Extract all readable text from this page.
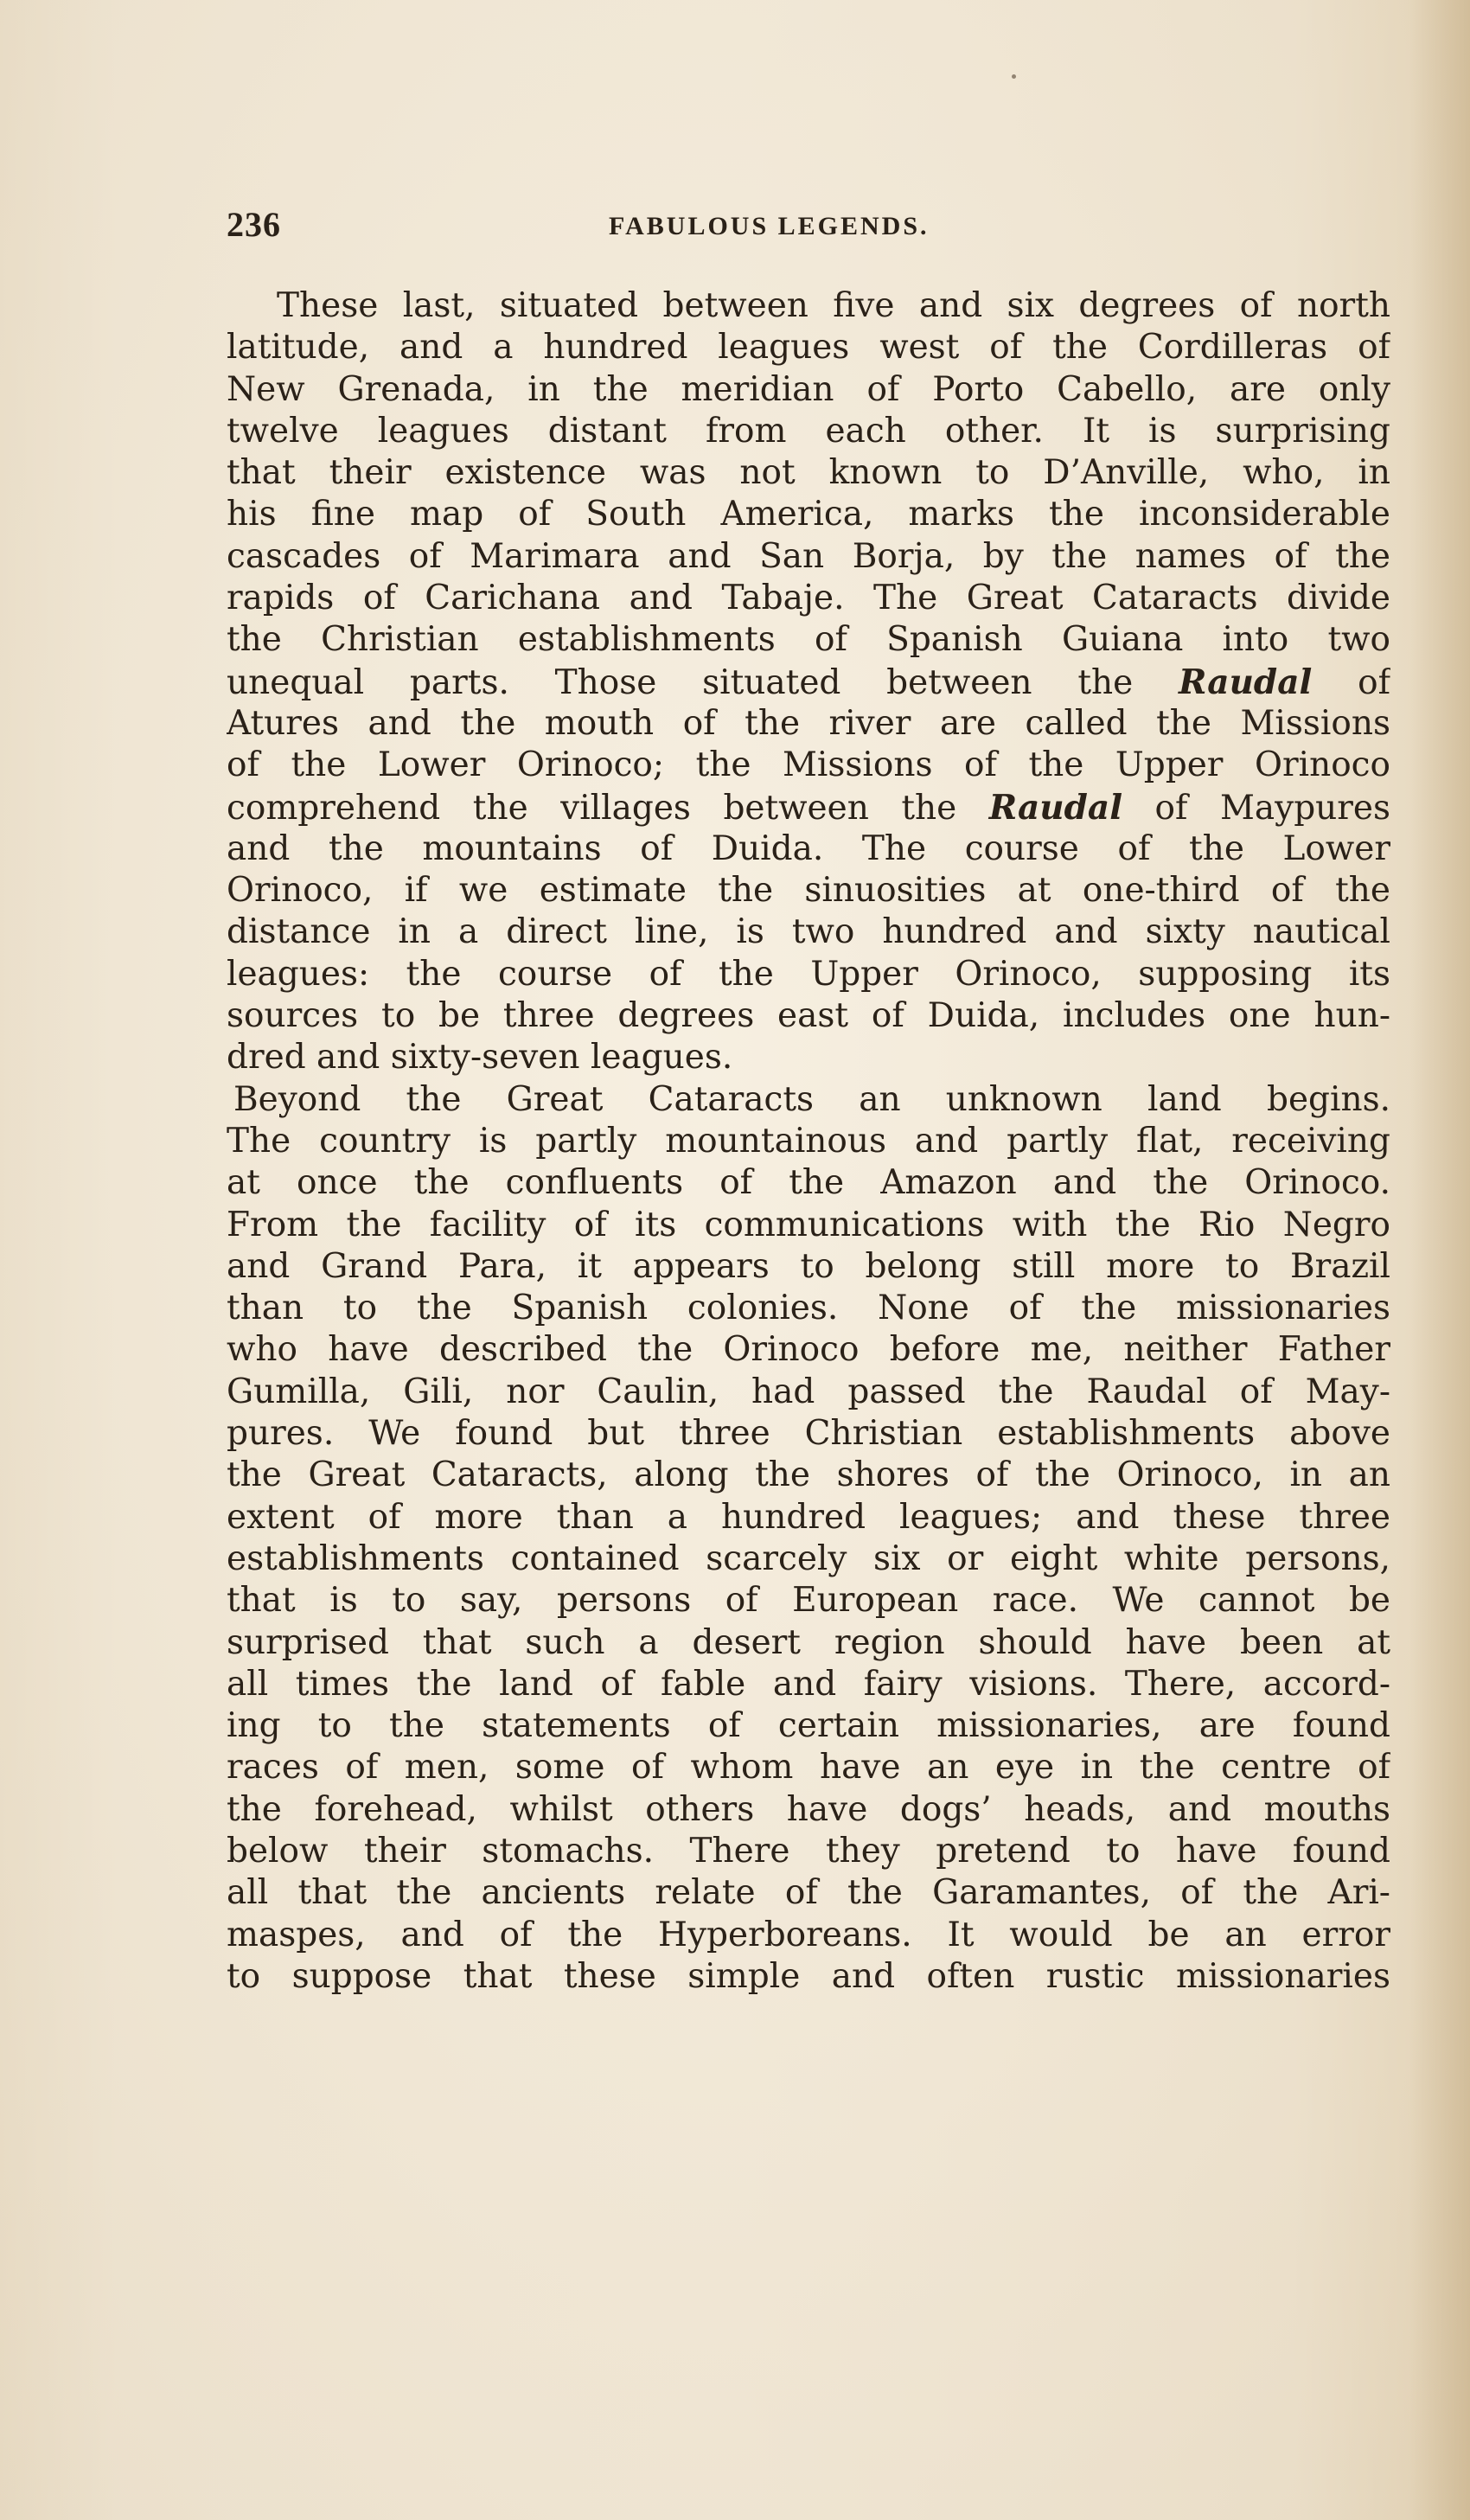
236	FABULOUS LEGENDS.
These last, situated between five and six degrees of north
latitude, and a hundred leagues west of the Cordilleras of
New Grenada, in the meridian of Porto Cabello, are only
twelve leagues distant from each other. It is surprising
that their existence was not known to D’Anville, who, in
his fine map of South America, marks the inconsiderable
cascades of Marimara and San Borja, by the names of the
rapids of Carichana and Tabaje. The Great Cataracts divide
the Christian establishments of Spanish Guiana into two
unequal parts. Those situated between the Raudal of
Atures and the mouth of the river are called the Missions
of the Lower Orinoco; the Missions of the Upper Orinoco
comprehend the villages between the Raudal of Maypures
and the mountains of Duida. The course of the Lower
Orinoco, if we estimate the sinuosities at one-third of the
distance in a direct line, is two hundred and sixty nautical
leagues: the course of the Upper Orinoco, supposing its
sources to be three degrees east of Duida, includes one hun-
dred and sixty-seven leagues.
Beyond the Great Cataracts an unknown land begins.
The country is partly mountainous and partly flat, receiving
at once the confluents of the Amazon and the Orinoco.
From the facility of its communications with the Rio Negro
and Grand Para, it appears to belong still more to Brazil
than to the Spanish colonies. None of the missionaries
who have described the Orinoco before me, neither Father
Gumilla, Gili, nor Caulin, had passed the Raudal of May-
pures. We found but three Christian establishments above
the Great Cataracts, along the shores of the Orinoco, in an
extent of more than a hundred leagues; and these three
establishments contained scarcely six or eight white persons,
that is to say, persons of European race. We cannot be
surprised that such a desert region should have been at
all times the land of fable and fairy visions. There, accord-
ing to the statements of certain missionaries, are found
races of men, some of whom have an eye in the centre of
the forehead, whilst others have dogs’ heads, and mouths
below their stomachs. There they pretend to have found
all that the ancients relate of the Garamantes, of the Ari-
maspes, and of the Hyperboreans. It would be an error
to suppose that these simple and often rustic missionaries
